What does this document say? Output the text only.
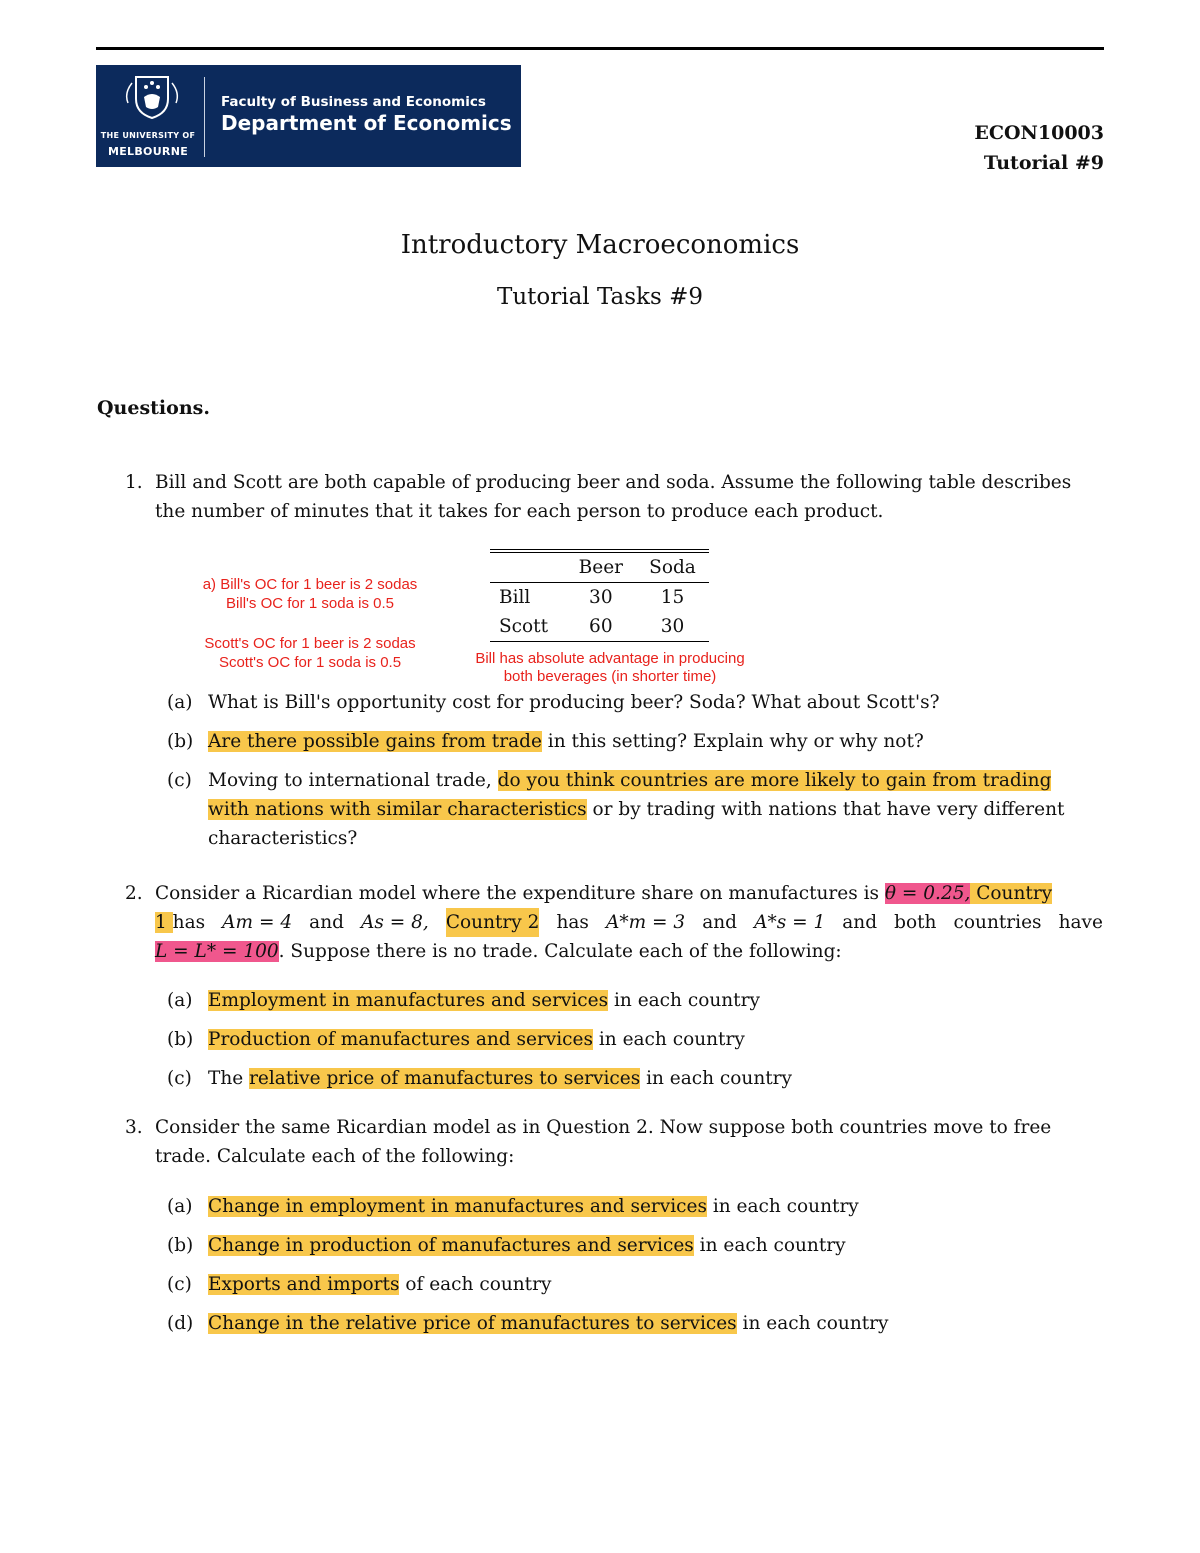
THE UNIVERSITY OF
MELBOURNE
Faculty of Business and Economics
Department of Economics	ECON10003
Tutorial #9
Introductory Macroeconomics
Tutorial Tasks #9
Questions.
1. Bill and Scott are both capable of producing beer and soda. Assume the following table describes
the number of minutes that it takes for each person to produce each product.
	Beer	Soda
Bill	30	15
Scott	60	30
a) Bill's OC for 1 beer is 2 sodas
Bill's OC for 1 soda is 0.5
Scott's OC for 1 beer is 2 sodas
Scott's OC for 1 soda is 0.5	Bill has absolute advantage in producing
both beverages (in shorter time)
(a) What is Bill's opportunity cost for producing beer? Soda? What about Scott's?
(b) Are there possible gains from trade in this setting? Explain why or why not?
(c) Moving to international trade, do you think countries are more likely to gain from trading
with nations with similar characteristics or by trading with nations that have very different
characteristics?
2. Consider a Ricardian model where the expenditure share on manufactures is θ = 0.25, Country
1 has Am = 4 and As = 8, Country 2 has A*m = 3 and A*s = 1 and both countries have
L = L* = 100. Suppose there is no trade. Calculate each of the following:
(a) Employment in manufactures and services in each country
(b) Production of manufactures and services in each country
(c) The relative price of manufactures to services in each country
3. Consider the same Ricardian model as in Question 2. Now suppose both countries move to free
trade. Calculate each of the following:
(a) Change in employment in manufactures and services in each country
(b) Change in production of manufactures and services in each country
(c) Exports and imports of each country
(d) Change in the relative price of manufactures to services in each country
